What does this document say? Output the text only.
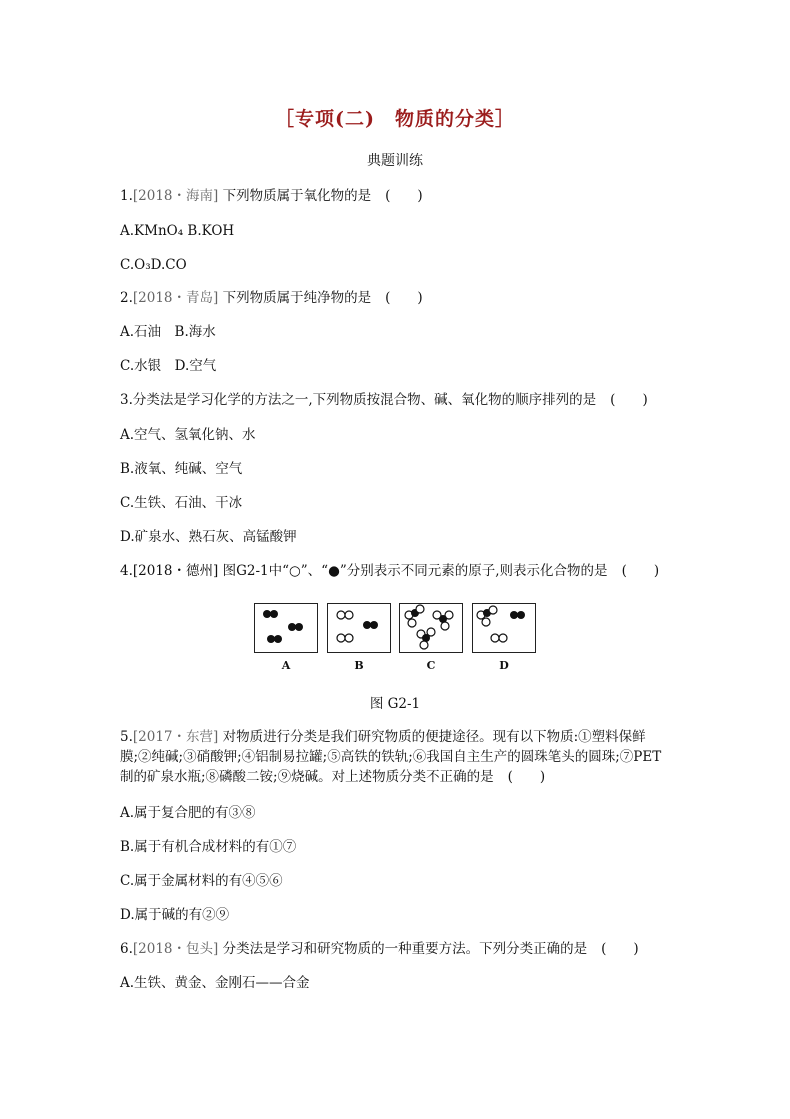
［专项(二)　物质的分类］
典题训练
1.[2018・海南] 下列物质属于氧化物的是 (　　)
A.KMnO₄ B.KOH
C.O₃D.CO
2.[2018・青岛] 下列物质属于纯净物的是 (　　)
A.石油　B.海水
C.水银　D.空气
3.分类法是学习化学的方法之一,下列物质按混合物、碱、氧化物的顺序排列的是 (　　)
A.空气、氢氧化钠、水
B.液氧、纯碱、空气
C.生铁、石油、干冰
D.矿泉水、熟石灰、高锰酸钾
4.[2018・德州] 图G2-1中“○”、“●”分别表示不同元素的原子,则表示化合物的是 (　　)
A	B	C	D
图 G2-1
5.[2017・东营] 对物质进行分类是我们研究物质的便捷途径。现有以下物质:①塑料保鲜
膜;②纯碱;③硝酸钾;④铝制易拉罐;⑤高铁的铁轨;⑥我国自主生产的圆珠笔头的圆珠;⑦PET
制的矿泉水瓶;⑧磷酸二铵;⑨烧碱。对上述物质分类不正确的是 (　　)
A.属于复合肥的有③⑧
B.属于有机合成材料的有①⑦
C.属于金属材料的有④⑤⑥
D.属于碱的有②⑨
6.[2018・包头] 分类法是学习和研究物质的一种重要方法。下列分类正确的是 (　　)
A.生铁、黄金、金刚石——合金
